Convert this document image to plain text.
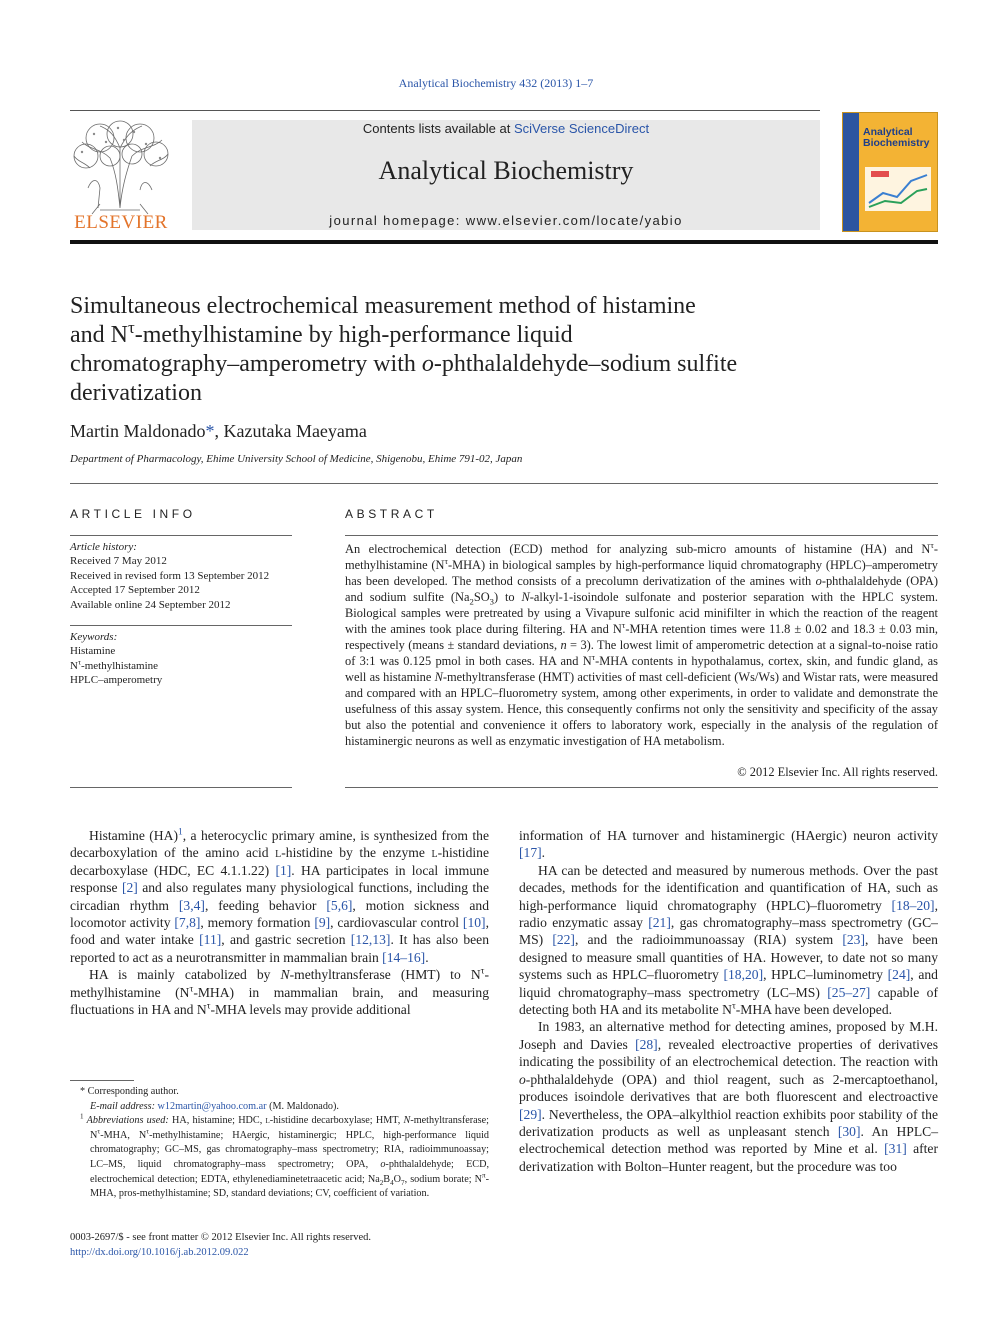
Analytical Biochemistry 432 (2013) 1–7
ELSEVIER
Contents lists available at SciVerse ScienceDirect
Analytical Biochemistry
journal homepage: www.elsevier.com/locate/yabio
Analytical
Biochemistry
Simultaneous electrochemical measurement method of histamine
and $N^\tau$-methylhistamine by high-performance liquid
chromatography–amperometry with o-phthalaldehyde–sodium sulfite
derivatization
Martin Maldonado*, Kazutaka Maeyama
Department of Pharmacology, Ehime University School of Medicine, Shigenobu, Ehime 791-02, Japan
ARTICLE INFO	ABSTRACT
Article history:
Received 7 May 2012
Received in revised form 13 September 2012
Accepted 17 September 2012
Available online 24 September 2012
Keywords:
Histamine
$N^\tau$-methylhistamine
HPLC–amperometry
An electrochemical detection (ECD) method for analyzing sub-micro amounts of histamine (HA) and $N^\tau$-methylhistamine $(N^\tau-MHA)$ in biological samples by high-performance liquid chromatography (HPLC)–amperometry has been developed. The method consists of a precolumn derivatization of the amines with o-phthalaldehyde (OPA) and sodium sulfite $(Na_2SO_3)$ to N-alkyl-1-isoindole sulfonate and posterior separation with the HPLC system. Biological samples were pretreated by using a Vivapure sulfonic acid minifilter in which the reaction of the reagent with the amines took place during filtering. HA and $N^\tau$-MHA retention times were 11.8 ± 0.02 and 18.3 ± 0.03 min, respectively (means ± standard deviations, n = 3). The lowest limit of amperometric detection at a signal-to-noise ratio of 3:1 was 0.125 pmol in both cases. HA and $N^\tau$-MHA contents in hypothalamus, cortex, skin, and fundic gland, as well as histamine N-methyltransferase (HMT) activities of mast cell-deficient (Ws/Ws) and Wistar rats, were measured and compared with an HPLC–fluorometry system, among other experiments, in order to validate and demonstrate the usefulness of this assay system. Hence, this consequently confirms not only the sensitivity and specificity of the assay but also the potential and convenience it offers to laboratory work, especially in the analysis of the regulation of histaminergic neurons as well as enzymatic investigation of HA metabolism.
© 2012 Elsevier Inc. All rights reserved.

Histamine (HA)$^1$, a heterocyclic primary amine, is synthesized from the decarboxylation of the amino acid l-histidine by the enzyme l-histidine decarboxylase (HDC, EC 4.1.1.22) [1]. HA participates in local immune response [2] and also regulates many physiological functions, including the circadian rhythm [3,4], feeding behavior [5,6], motion sickness and locomotor activity [7,8], memory formation [9], cardiovascular control [10], food and water intake [11], and gastric secretion [12,13]. It has also been reported to act as a neurotransmitter in mammalian brain [14–16].

HA is mainly catabolized by N-methyltransferase (HMT) to $N^\tau$-methylhistamine $(N^\tau-MHA)$ in mammalian brain, and measuring fluctuations in HA and $N^\tau$-MHA levels may provide additional

information of HA turnover and histaminergic (HAergic) neuron activity [17].

HA can be detected and measured by numerous methods. Over the past decades, methods for the identification and quantification of HA, such as high-performance liquid chromatography (HPLC)–fluorometry [18–20], radio enzymatic assay [21], gas chromatography–mass spectrometry (GC–MS) [22], and the radioimmunoassay (RIA) system [23], have been designed to measure small quantities of HA. However, to date not so many systems such as HPLC–fluorometry [18,20], HPLC–luminometry [24], and liquid chromatography–mass spectrometry (LC–MS) [25–27] capable of detecting both HA and its metabolite $N^\tau$-MHA have been developed.

In 1983, an alternative method for detecting amines, proposed by M.H. Joseph and Davies [28], revealed electroactive properties of derivatives indicating the possibility of an electrochemical detection. The reaction with o-phthalaldehyde (OPA) and thiol reagent, such as 2-mercaptoethanol, produces isoindole derivatives that are both fluorescent and electroactive [29]. Nevertheless, the OPA–alkylthiol reaction exhibits poor stability of the derivatization products as well as unpleasant stench [30]. An HPLC–electrochemical detection method was reported by Mine et al. [31] after derivatization with Bolton–Hunter reagent, but the procedure was too

* Corresponding author.
E-mail address: w12martin@yahoo.com.ar (M. Maldonado).
$^1$ Abbreviations used: HA, histamine; HDC, l-histidine decarboxylase; HMT, N-methyltransferase; $N^\tau$-MHA, $N^\tau$-methylhistamine; HAergic, histaminergic; HPLC, high-performance liquid chromatography; GC–MS, gas chromatography–mass spectrometry; RIA, radioimmunoassay; LC–MS, liquid chromatography–mass spectrometry; OPA, o-phthalaldehyde; ECD, electrochemical detection; EDTA, ethylenediaminetetraacetic acid; $Na_2B_4O_7$, sodium borate; $N^\pi$-MHA, pros-methylhistamine; SD, standard deviations; CV, coefficient of variation.
0003-2697/$ - see front matter © 2012 Elsevier Inc. All rights reserved.
http://dx.doi.org/10.1016/j.ab.2012.09.022
